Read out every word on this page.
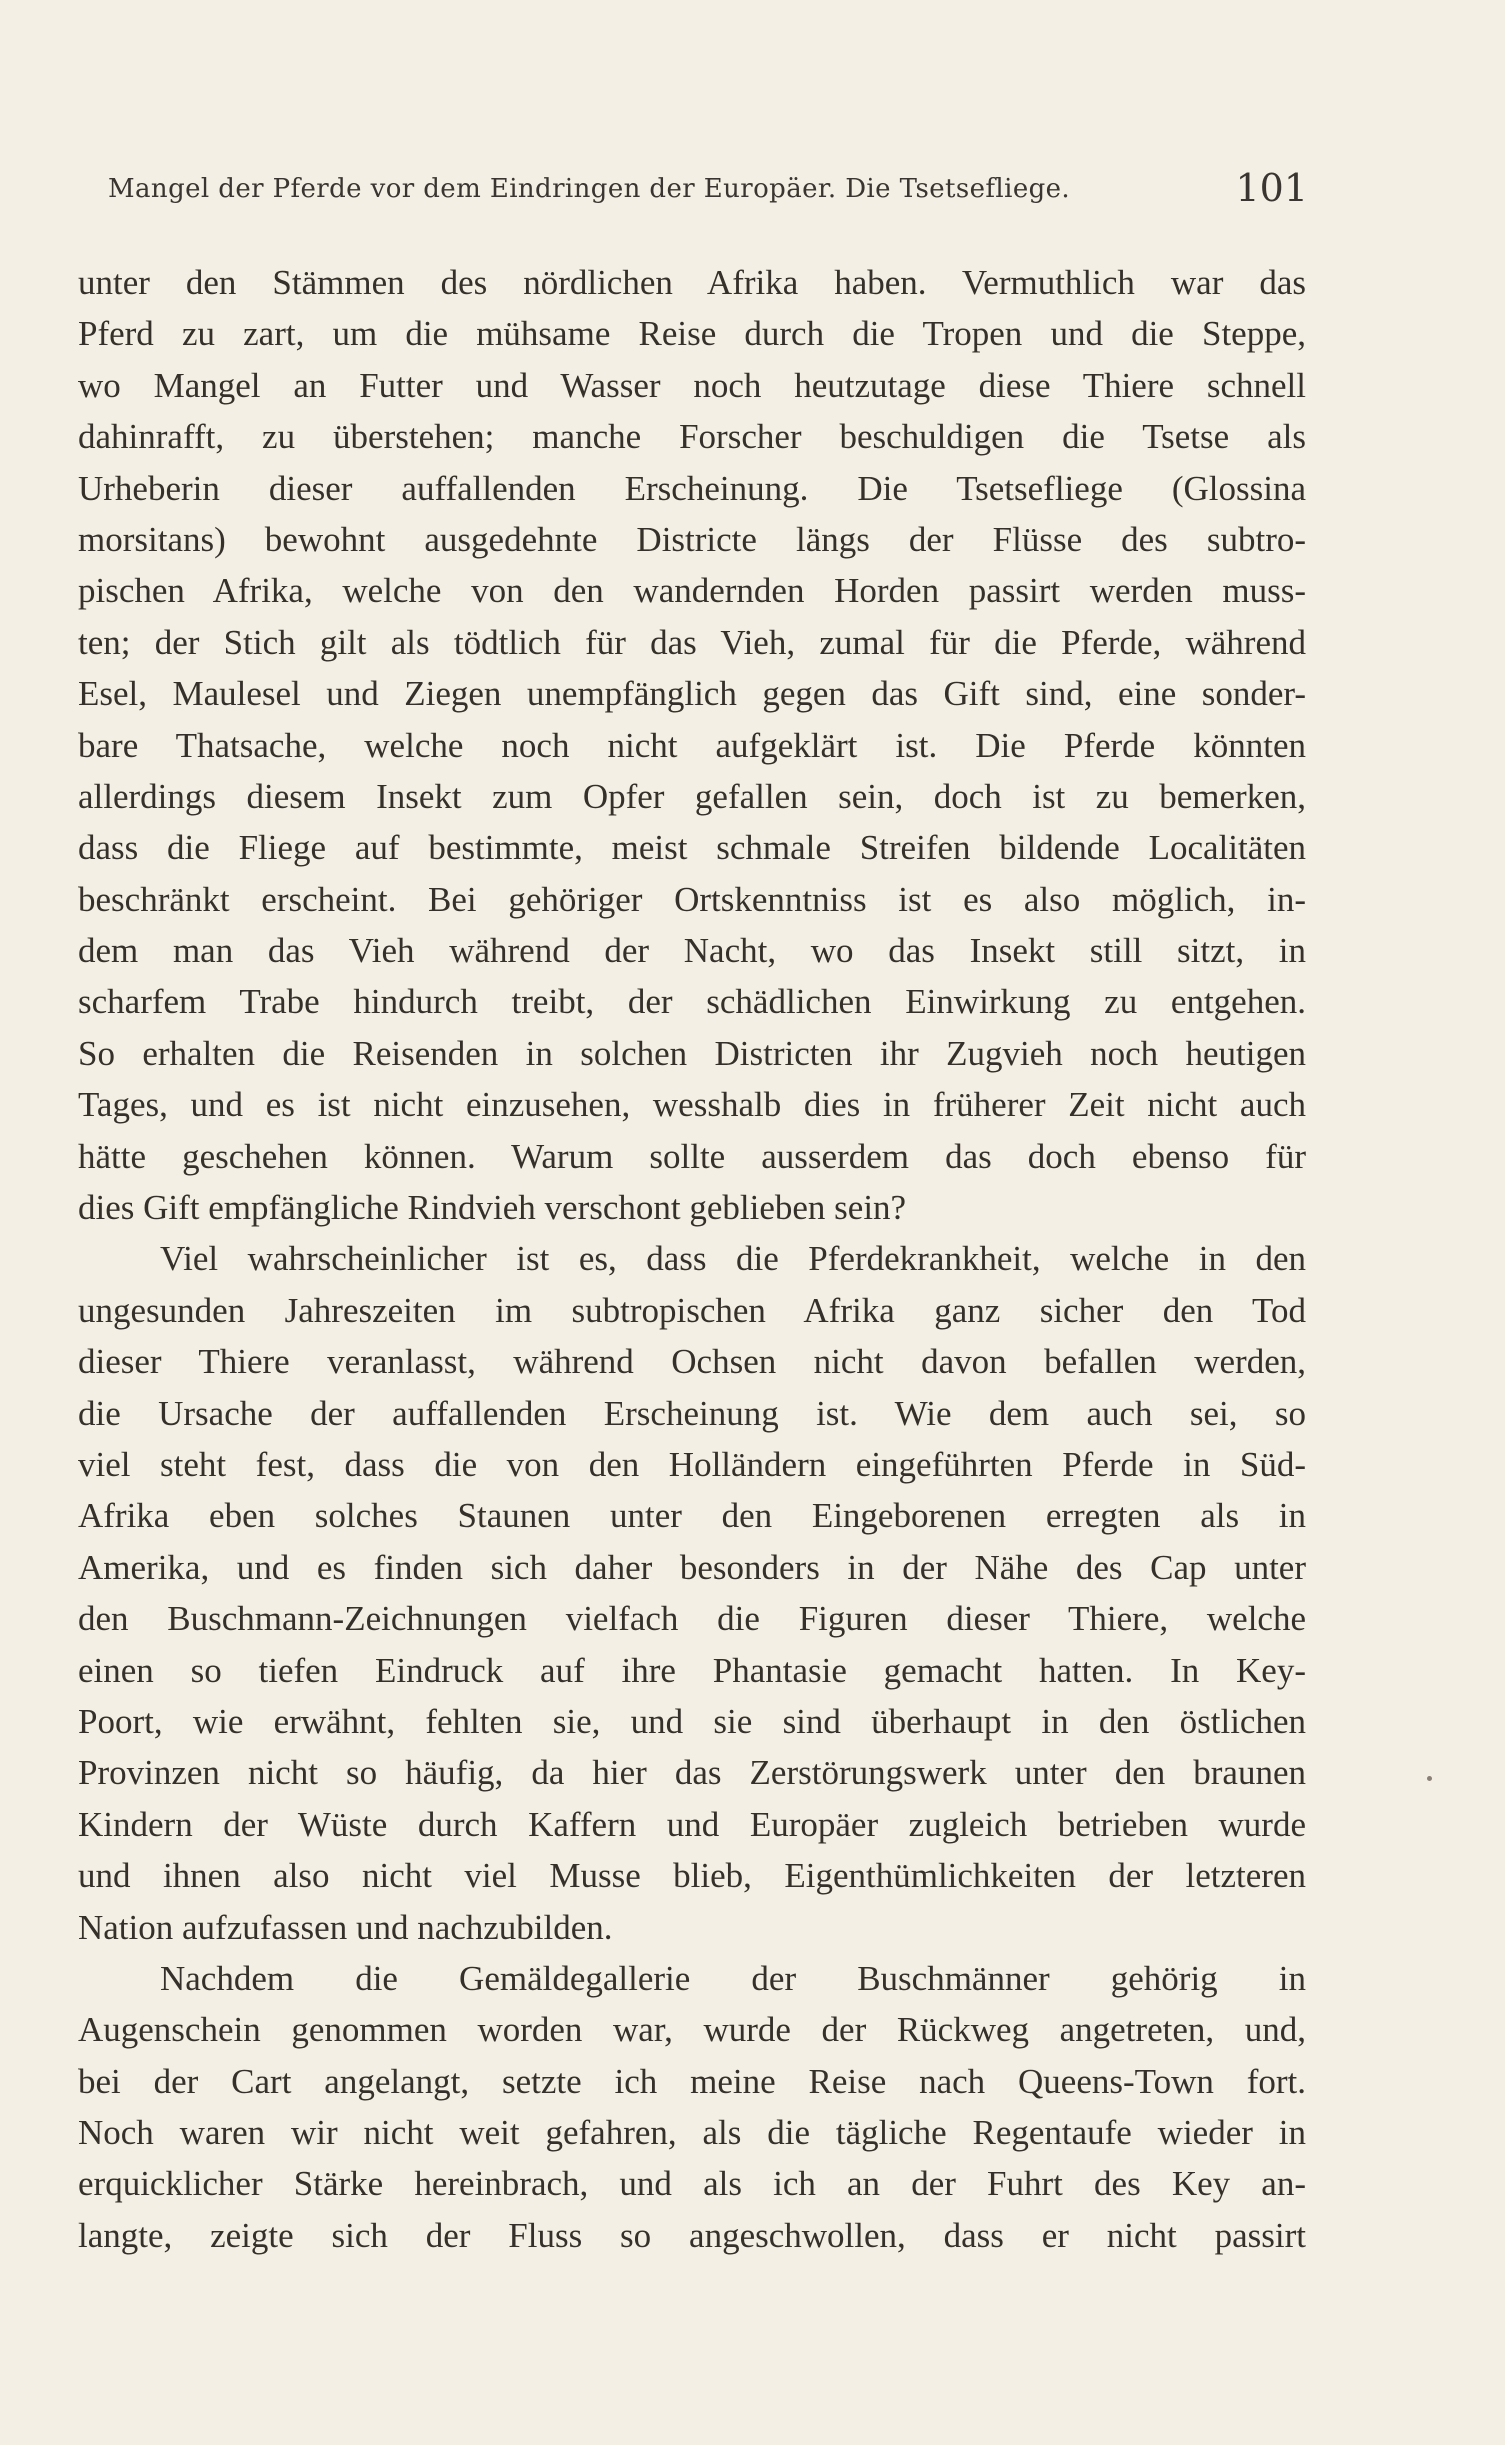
Mangel der Pferde vor dem Eindringen der Europäer. Die Tsetsefliege.	101
unter den Stämmen des nördlichen Afrika haben. Vermuthlich war das
Pferd zu zart, um die mühsame Reise durch die Tropen und die Steppe,
wo Mangel an Futter und Wasser noch heutzutage diese Thiere schnell
dahinrafft, zu überstehen; manche Forscher beschuldigen die Tsetse als
Urheberin dieser auffallenden Erscheinung. Die Tsetsefliege (Glossina
morsitans) bewohnt ausgedehnte Districte längs der Flüsse des subtro-
pischen Afrika, welche von den wandernden Horden passirt werden muss-
ten; der Stich gilt als tödtlich für das Vieh, zumal für die Pferde, während
Esel, Maulesel und Ziegen unempfänglich gegen das Gift sind, eine sonder-
bare Thatsache, welche noch nicht aufgeklärt ist. Die Pferde könnten
allerdings diesem Insekt zum Opfer gefallen sein, doch ist zu bemerken,
dass die Fliege auf bestimmte, meist schmale Streifen bildende Localitäten
beschränkt erscheint. Bei gehöriger Ortskenntniss ist es also möglich, in-
dem man das Vieh während der Nacht, wo das Insekt still sitzt, in
scharfem Trabe hindurch treibt, der schädlichen Einwirkung zu entgehen.
So erhalten die Reisenden in solchen Districten ihr Zugvieh noch heutigen
Tages, und es ist nicht einzusehen, wesshalb dies in früherer Zeit nicht auch
hätte geschehen können. Warum sollte ausserdem das doch ebenso für
dies Gift empfängliche Rindvieh verschont geblieben sein?
Viel wahrscheinlicher ist es, dass die Pferdekrankheit, welche in den
ungesunden Jahreszeiten im subtropischen Afrika ganz sicher den Tod
dieser Thiere veranlasst, während Ochsen nicht davon befallen werden,
die Ursache der auffallenden Erscheinung ist. Wie dem auch sei, so
viel steht fest, dass die von den Holländern eingeführten Pferde in Süd-
Afrika eben solches Staunen unter den Eingeborenen erregten als in
Amerika, und es finden sich daher besonders in der Nähe des Cap unter
den Buschmann-Zeichnungen vielfach die Figuren dieser Thiere, welche
einen so tiefen Eindruck auf ihre Phantasie gemacht hatten. In Key-
Poort, wie erwähnt, fehlten sie, und sie sind überhaupt in den östlichen
Provinzen nicht so häufig, da hier das Zerstörungswerk unter den braunen
Kindern der Wüste durch Kaffern und Europäer zugleich betrieben wurde
und ihnen also nicht viel Musse blieb, Eigenthümlichkeiten der letzteren
Nation aufzufassen und nachzubilden.
Nachdem die Gemäldegallerie der Buschmänner gehörig in
Augenschein genommen worden war, wurde der Rückweg angetreten, und,
bei der Cart angelangt, setzte ich meine Reise nach Queens-Town fort.
Noch waren wir nicht weit gefahren, als die tägliche Regentaufe wieder in
erquicklicher Stärke hereinbrach, und als ich an der Fuhrt des Key an-
langte, zeigte sich der Fluss so angeschwollen, dass er nicht passirt
